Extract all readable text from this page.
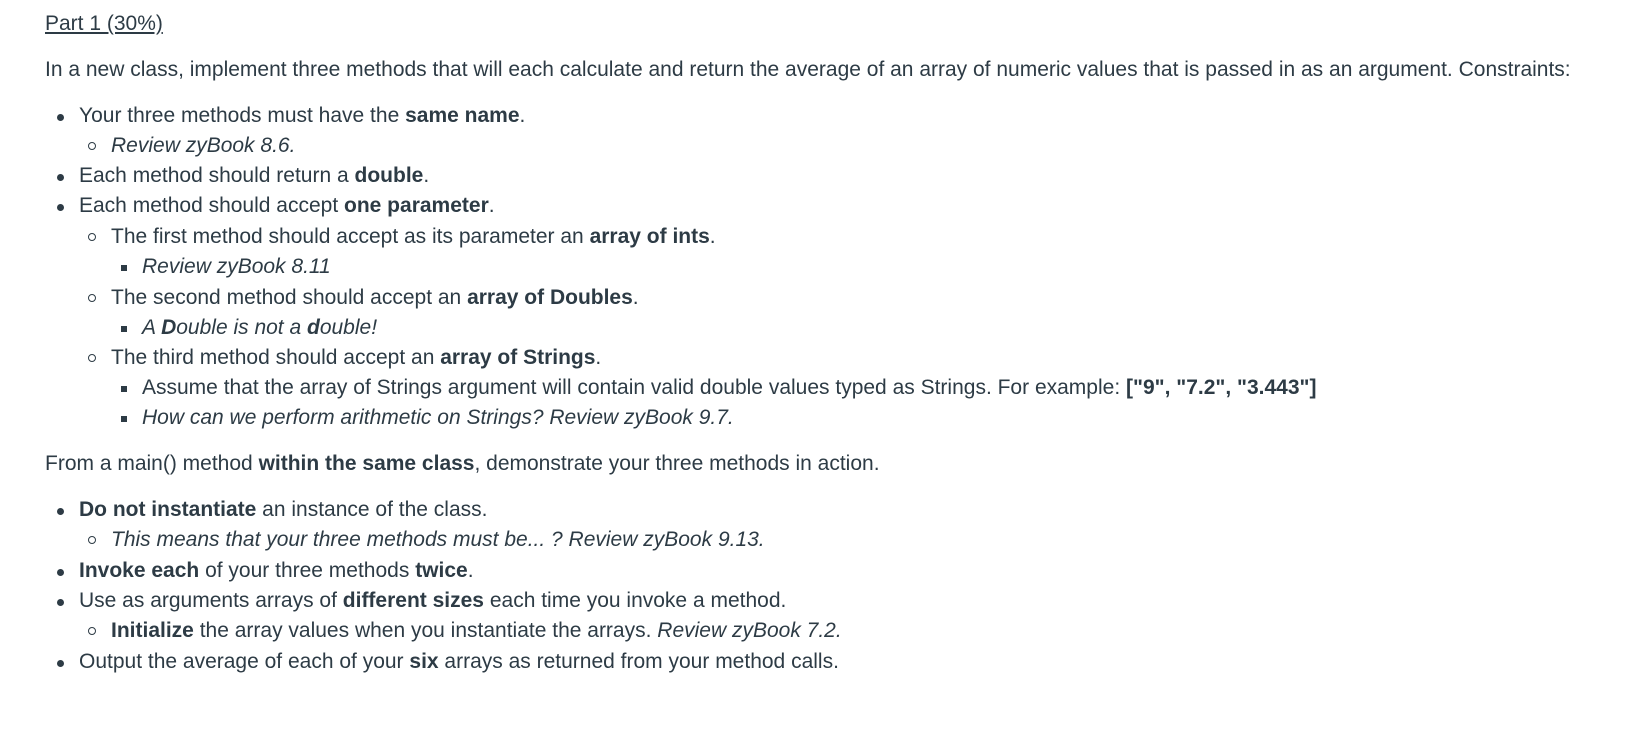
Part 1 (30%)
In a new class, implement three methods that will each calculate and return the average of an array of numeric values that is passed in as an argument. Constraints:
Your three methods must have the same name.
Review zyBook 8.6.
Each method should return a double.
Each method should accept one parameter.
The first method should accept as its parameter an array of ints.
Review zyBook 8.11
The second method should accept an array of Doubles.
A Double is not a double!
The third method should accept an array of Strings.
Assume that the array of Strings argument will contain valid double values typed as Strings. For example: ["9", "7.2", "3.443"]
How can we perform arithmetic on Strings? Review zyBook 9.7.
From a main() method within the same class, demonstrate your three methods in action.
Do not instantiate an instance of the class.
This means that your three methods must be... ? Review zyBook 9.13.
Invoke each of your three methods twice.
Use as arguments arrays of different sizes each time you invoke a method.
Initialize the array values when you instantiate the arrays. Review zyBook 7.2.
Output the average of each of your six arrays as returned from your method calls.
